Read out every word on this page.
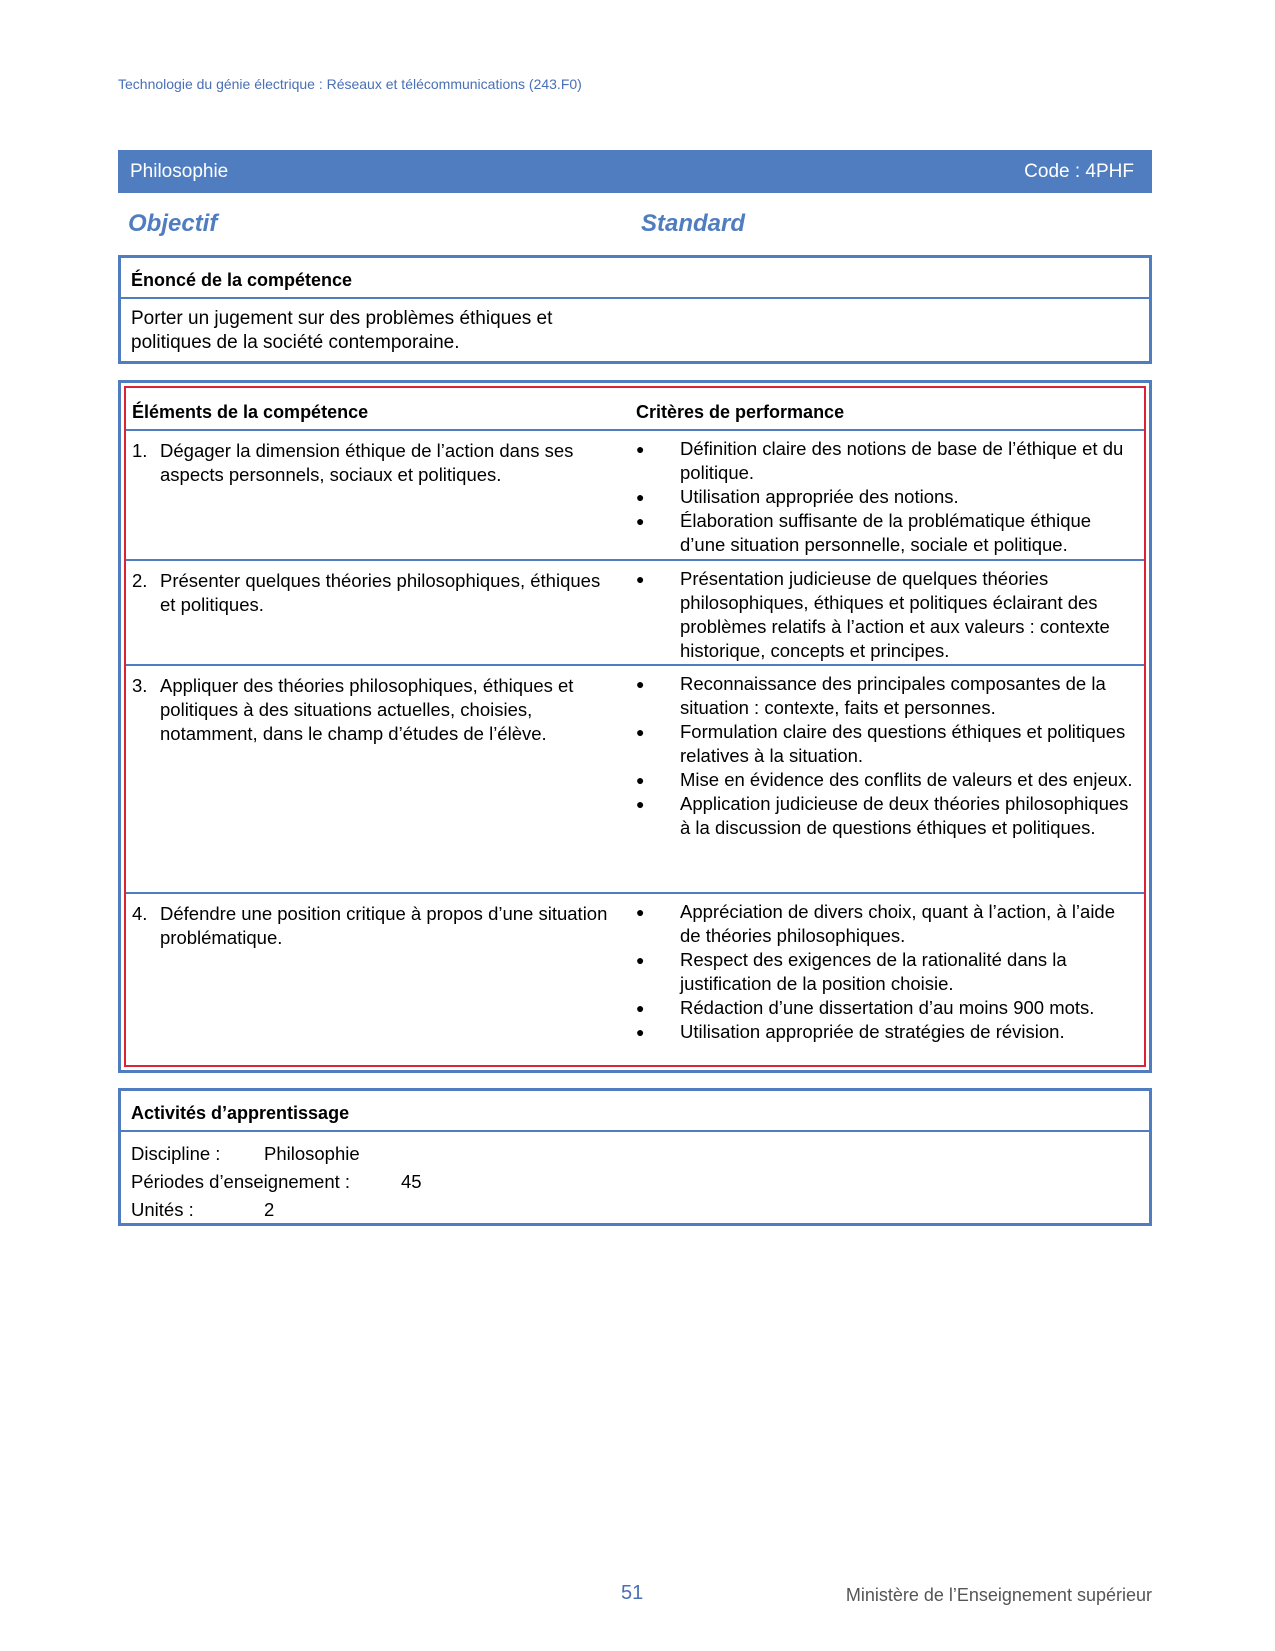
Technologie du génie électrique : Réseaux et télécommunications (243.F0)
Philosophie	Code : 4PHF
Objectif	Standard
Énoncé de la compétence
Porter un jugement sur des problèmes éthiques et
politiques de la société contemporaine.
Éléments de la compétence	Critères de performance
1. Dégager la dimension éthique de l’action dans ses aspects personnels, sociaux et politiques.
●	Définition claire des notions de base de l’éthique et du politique.
●	Utilisation appropriée des notions.
●	Élaboration suffisante de la problématique éthique d’une situation personnelle, sociale et politique.
2. Présenter quelques théories philosophiques, éthiques et politiques.
●	Présentation judicieuse de quelques théories philosophiques, éthiques et politiques éclairant des problèmes relatifs à l’action et aux valeurs : contexte historique, concepts et principes.
3. Appliquer des théories philosophiques, éthiques et politiques à des situations actuelles, choisies, notamment, dans le champ d’études de l’élève.
●	Reconnaissance des principales composantes de la situation : contexte, faits et personnes.
●	Formulation claire des questions éthiques et politiques relatives à la situation.
●	Mise en évidence des conflits de valeurs et des enjeux.
●	Application judicieuse de deux théories philosophiques à la discussion de questions éthiques et politiques.
4. Défendre une position critique à propos d’une situation problématique.
●	Appréciation de divers choix, quant à l’action, à l’aide de théories philosophiques.
●	Respect des exigences de la rationalité dans la justification de la position choisie.
●	Rédaction d’une dissertation d’au moins 900 mots.
●	Utilisation appropriée de stratégies de révision.
Activités d’apprentissage
Discipline :	Philosophie
Périodes d’enseignement :	45
Unités :	2
51	Ministère de l’Enseignement supérieur
